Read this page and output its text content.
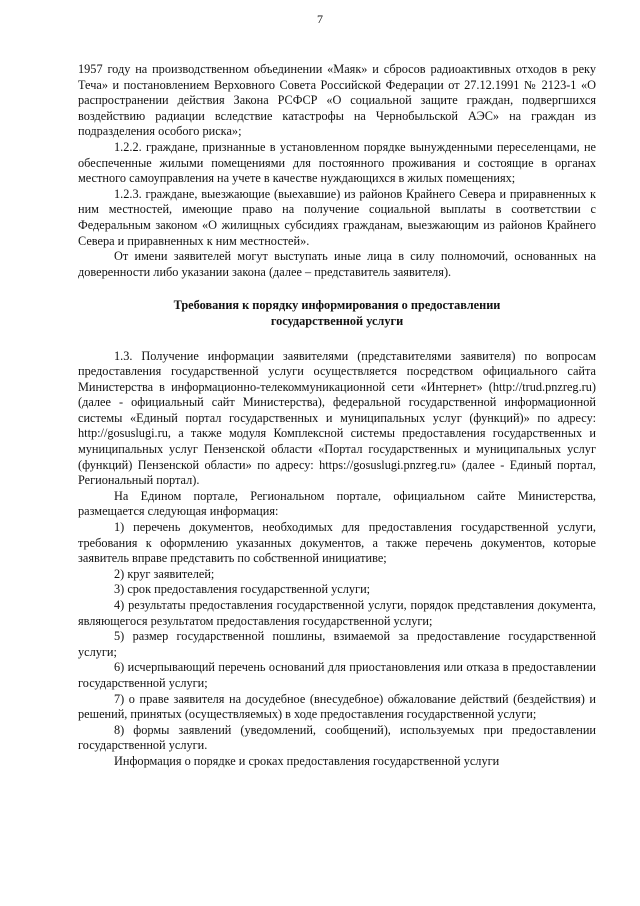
7

1957 году на производственном объединении «Маяк» и сбросов радиоактивных отходов в реку Теча» и постановлением Верховного Совета Российской Федерации от 27.12.1991 № 2123-1 «О распространении действия Закона РСФСР «О социальной защите граждан, подвергшихся воздействию радиации вследствие катастрофы на Чернобыльской АЭС» на граждан из подразделения особого риска»;

1.2.2. граждане, признанные в установленном порядке вынужденными переселенцами, не обеспеченные жилыми помещениями для постоянного проживания и состоящие в органах местного самоуправления на учете в качестве нуждающихся в жилых помещениях;

1.2.3. граждане, выезжающие (выехавшие) из районов Крайнего Севера и приравненных к ним местностей, имеющие право на получение социальной выплаты в соответствии с Федеральным законом «О жилищных субсидиях гражданам, выезжающим из районов Крайнего Севера и приравненных к ним местностей».

От имени заявителей могут выступать иные лица в силу полномочий, основанных на доверенности либо указании закона (далее – представитель заявителя).

Требования к порядку информирования о предоставлении
государственной услуги

1.3. Получение информации заявителями (представителями заявителя) по вопросам предоставления государственной услуги осуществляется посредством официального сайта Министерства в информационно-телекоммуникационной сети «Интернет» (http://trud.pnzreg.ru) (далее - официальный сайт Министерства), федеральной государственной информационной системы «Единый портал государственных и муниципальных услуг (функций)» по адресу: http://gosuslugi.ru, а также модуля Комплексной системы предоставления государственных и муниципальных услуг Пензенской области «Портал государственных и муниципальных услуг (функций) Пензенской области» по адресу: https://gosuslugi.pnzreg.ru» (далее - Единый портал, Региональный портал).

На Едином портале, Региональном портале, официальном сайте Министерства, размещается следующая информация:

1) перечень документов, необходимых для предоставления государственной услуги, требования к оформлению указанных документов, а также перечень документов, которые заявитель вправе представить по собственной инициативе;

2) круг заявителей;

3) срок предоставления государственной услуги;

4) результаты предоставления государственной услуги, порядок представления документа, являющегося результатом предоставления государственной услуги;

5) размер государственной пошлины, взимаемой за предоставление государственной услуги;

6) исчерпывающий перечень оснований для приостановления или отказа в предоставлении государственной услуги;

7) о праве заявителя на досудебное (внесудебное) обжалование действий (бездействия) и решений, принятых (осуществляемых) в ходе предоставления государственной услуги;

8) формы заявлений (уведомлений, сообщений), используемых при предоставлении государственной услуги.

Информация о порядке и сроках предоставления государственной услуги
